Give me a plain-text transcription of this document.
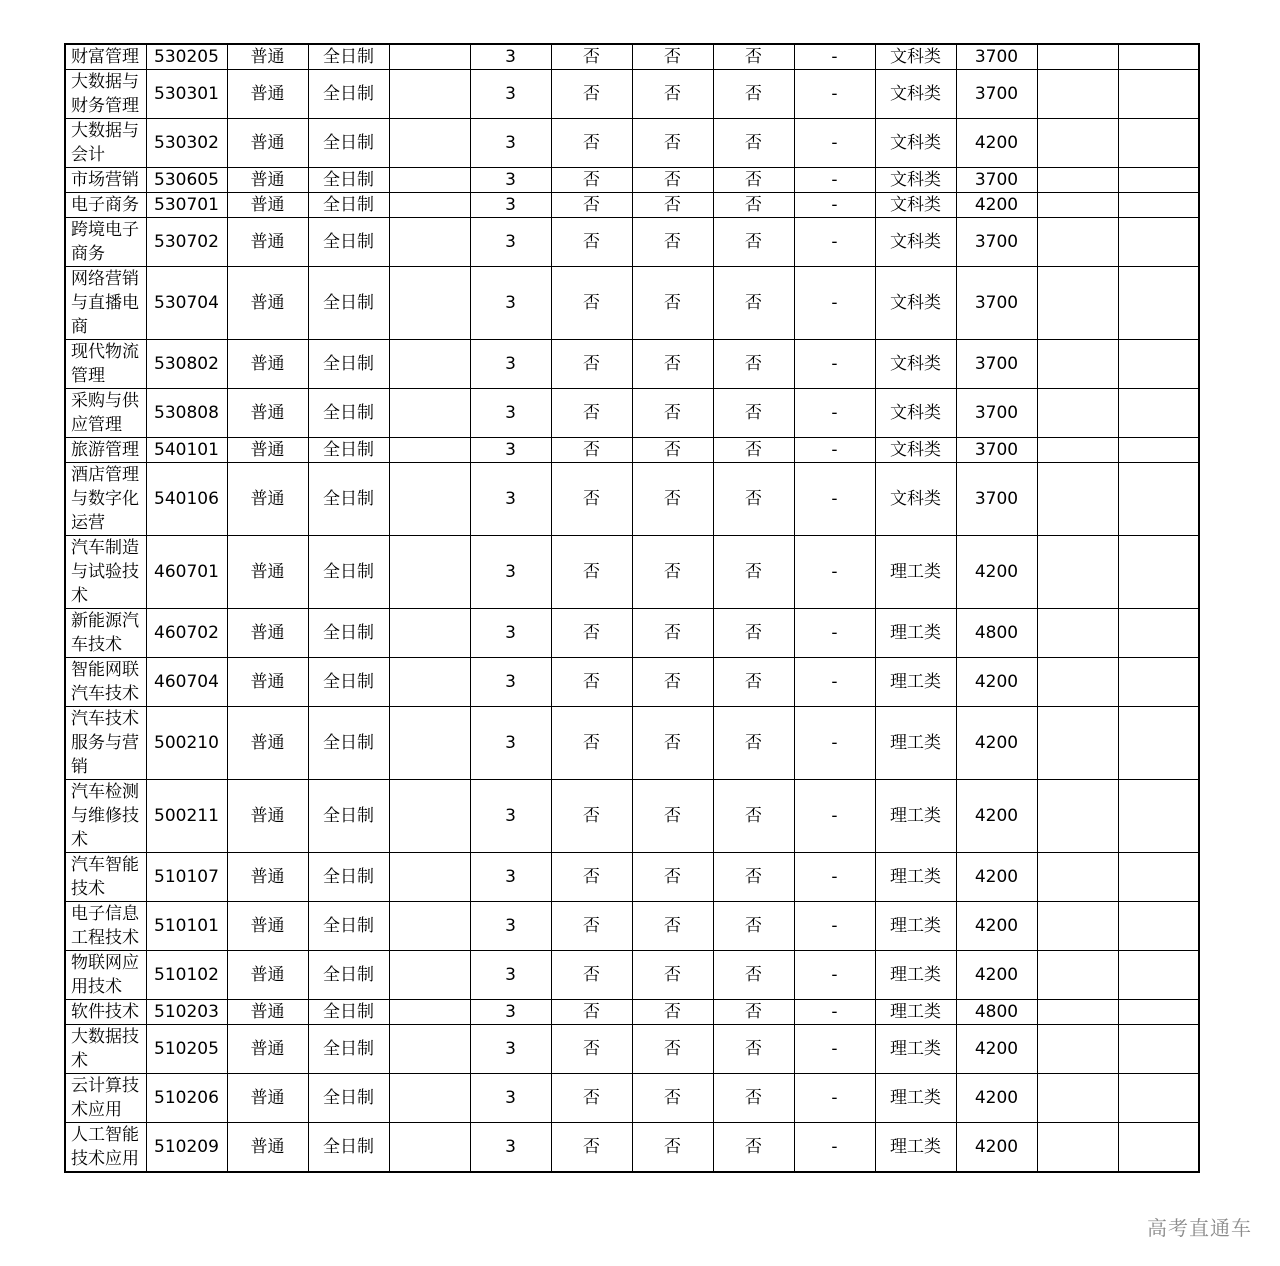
财富管理	530205	普通	全日制		3	否	否	否	-	文科类	3700		
大数据与财务管理	530301	普通	全日制		3	否	否	否	-	文科类	3700		
大数据与会计	530302	普通	全日制		3	否	否	否	-	文科类	4200		
市场营销	530605	普通	全日制		3	否	否	否	-	文科类	3700		
电子商务	530701	普通	全日制		3	否	否	否	-	文科类	4200		
跨境电子商务	530702	普通	全日制		3	否	否	否	-	文科类	3700		
网络营销与直播电商	530704	普通	全日制		3	否	否	否	-	文科类	3700		
现代物流管理	530802	普通	全日制		3	否	否	否	-	文科类	3700		
采购与供应管理	530808	普通	全日制		3	否	否	否	-	文科类	3700		
旅游管理	540101	普通	全日制		3	否	否	否	-	文科类	3700		
酒店管理与数字化运营	540106	普通	全日制		3	否	否	否	-	文科类	3700		
汽车制造与试验技术	460701	普通	全日制		3	否	否	否	-	理工类	4200		
新能源汽车技术	460702	普通	全日制		3	否	否	否	-	理工类	4800		
智能网联汽车技术	460704	普通	全日制		3	否	否	否	-	理工类	4200		
汽车技术服务与营销	500210	普通	全日制		3	否	否	否	-	理工类	4200		
汽车检测与维修技术	500211	普通	全日制		3	否	否	否	-	理工类	4200		
汽车智能技术	510107	普通	全日制		3	否	否	否	-	理工类	4200		
电子信息工程技术	510101	普通	全日制		3	否	否	否	-	理工类	4200		
物联网应用技术	510102	普通	全日制		3	否	否	否	-	理工类	4200		
软件技术	510203	普通	全日制		3	否	否	否	-	理工类	4800		
大数据技术	510205	普通	全日制		3	否	否	否	-	理工类	4200		
云计算技术应用	510206	普通	全日制		3	否	否	否	-	理工类	4200		
人工智能技术应用	510209	普通	全日制		3	否	否	否	-	理工类	4200		
高考直通车
